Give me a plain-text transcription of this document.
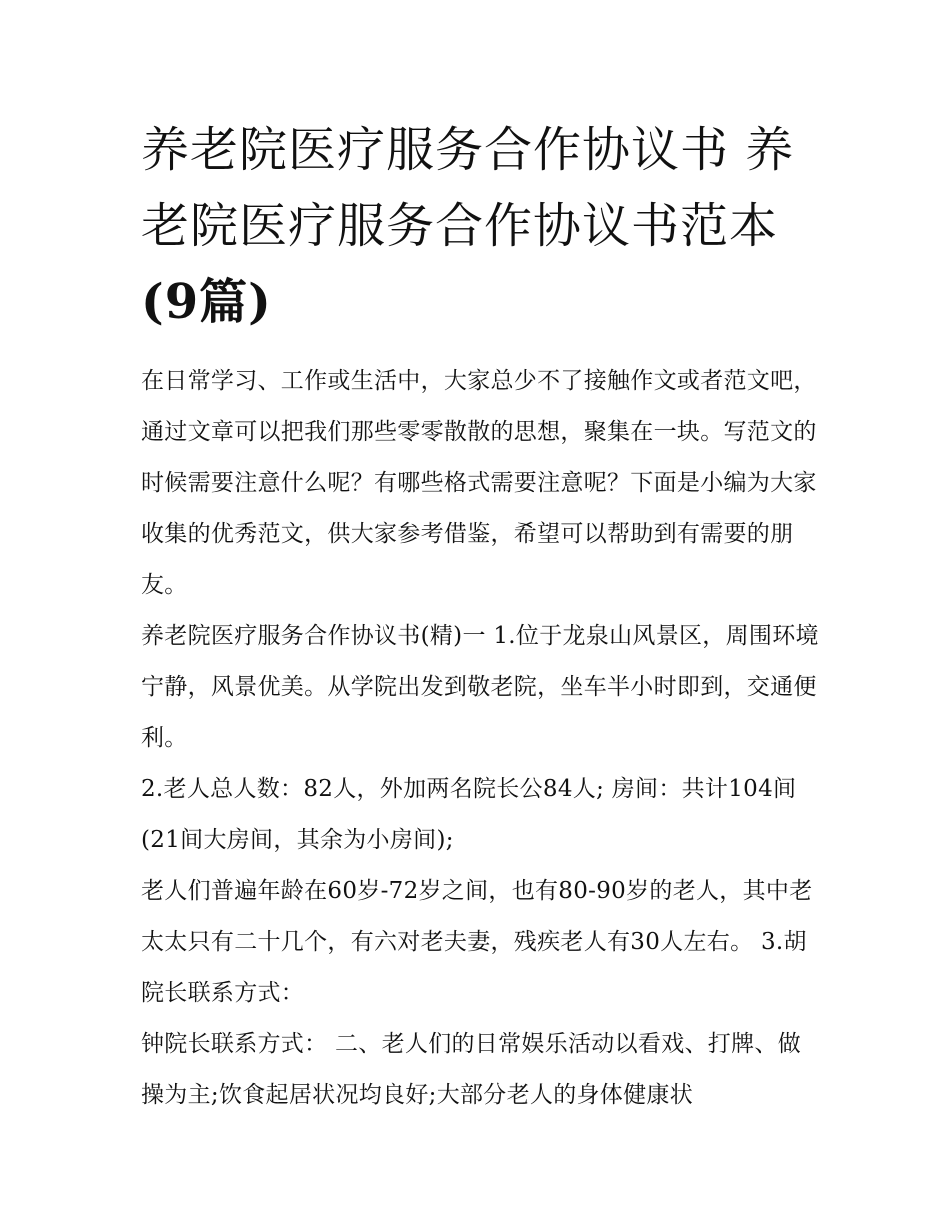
养老院医疗服务合作协议书 养老院医疗服务合作协议书范本
(9篇)

在日常学习、工作或生活中，大家总少不了接触作文或者范文吧，通过文章可以把我们那些零零散散的思想，聚集在一块。写范文的时候需要注意什么呢？有哪些格式需要注意呢？下面是小编为大家收集的优秀范文，供大家参考借鉴，希望可以帮助到有需要的朋友。

养老院医疗服务合作协议书(精)一 1.位于龙泉山风景区，周围环境宁静，风景优美。从学院出发到敬老院，坐车半小时即到，交通便利。

2.老人总人数：82人，外加两名院长公84人; 房间：共计104间(21间大房间，其余为小房间);

老人们普遍年龄在60岁-72岁之间，也有80-90岁的老人，其中老太太只有二十几个，有六对老夫妻，残疾老人有30人左右。 3.胡院长联系方式：

钟院长联系方式： 二、老人们的日常娱乐活动以看戏、打牌、做操为主;饮食起居状况均良好;大部分老人的身体健康状
